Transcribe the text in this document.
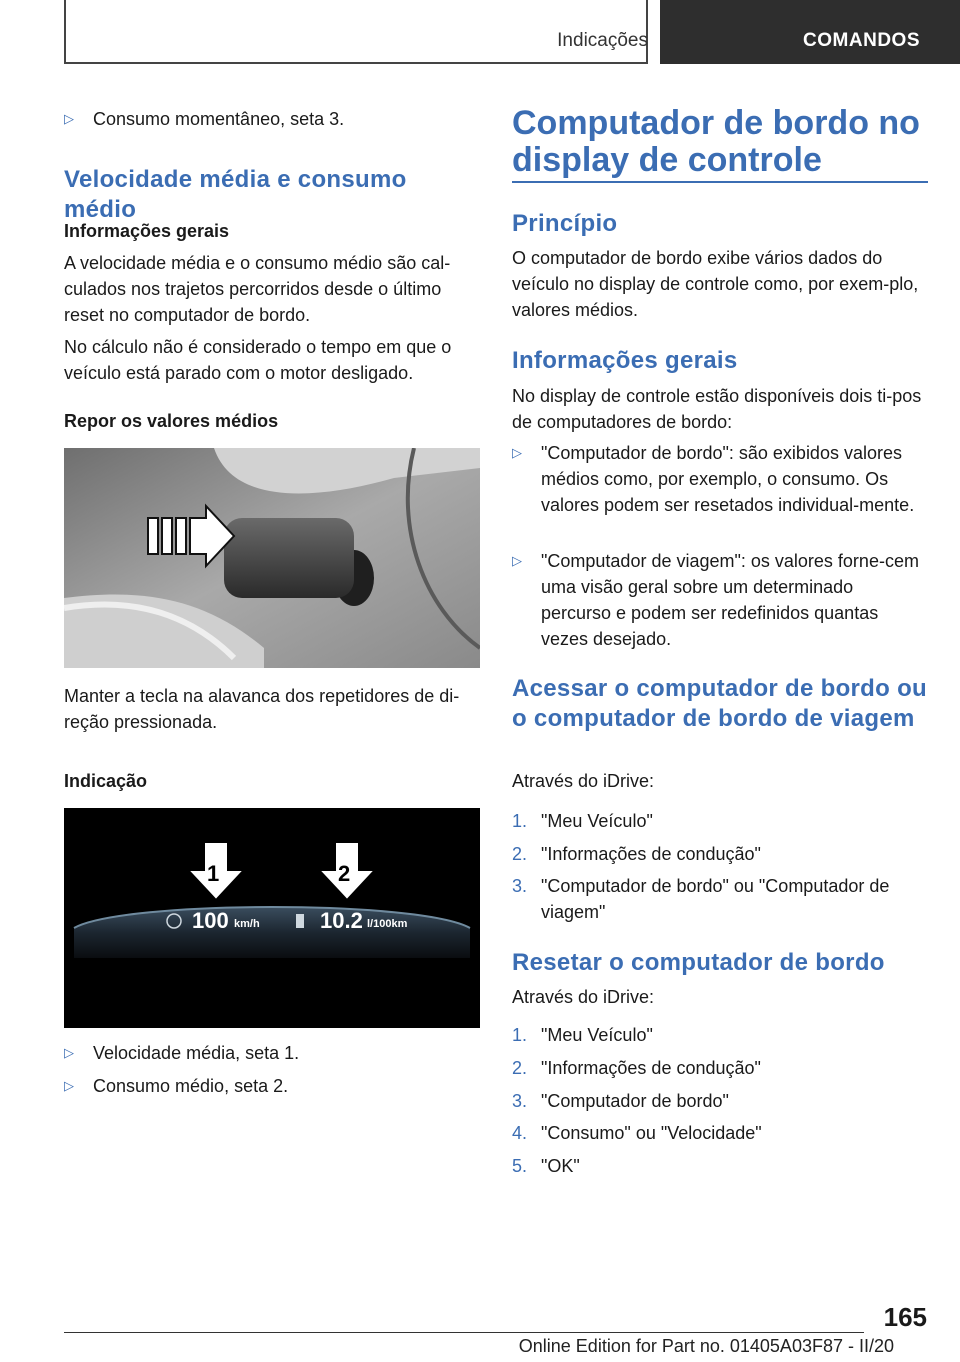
Indicações	COMANDOS
▷ Consumo momentâneo, seta 3.
Velocidade média e consumo médio
Informações gerais
A velocidade média e o consumo médio são cal-culados nos trajetos percorridos desde o último reset no computador de bordo.
No cálculo não é considerado o tempo em que o veículo está parado com o motor desligado.
Repor os valores médios
Manter a tecla na alavanca dos repetidores de di-reção pressionada.
Indicação
1	2
100 km/h	10.2 l/100km
▷ Velocidade média, seta 1.
▷ Consumo médio, seta 2.
Computador de bordo no display de controle
Princípio
O computador de bordo exibe vários dados do veículo no display de controle como, por exem-plo, valores médios.
Informações gerais
No display de controle estão disponíveis dois ti-pos de computadores de bordo:
▷ "Computador de bordo": são exibidos valores médios como, por exemplo, o consumo. Os valores podem ser resetados individual-mente.
▷ "Computador de viagem": os valores forne-cem uma visão geral sobre um determinado percurso e podem ser redefinidos quantas vezes desejado.
Acessar o computador de bordo ou o computador de bordo de viagem
Através do iDrive:
1. "Meu Veículo"
2. "Informações de condução"
3. "Computador de bordo" ou "Computador de viagem"
Resetar o computador de bordo
Através do iDrive:
1. "Meu Veículo"
2. "Informações de condução"
3. "Computador de bordo"
4. "Consumo" ou "Velocidade"
5. "OK"
165
Online Edition for Part no. 01405A03F87 - II/20
